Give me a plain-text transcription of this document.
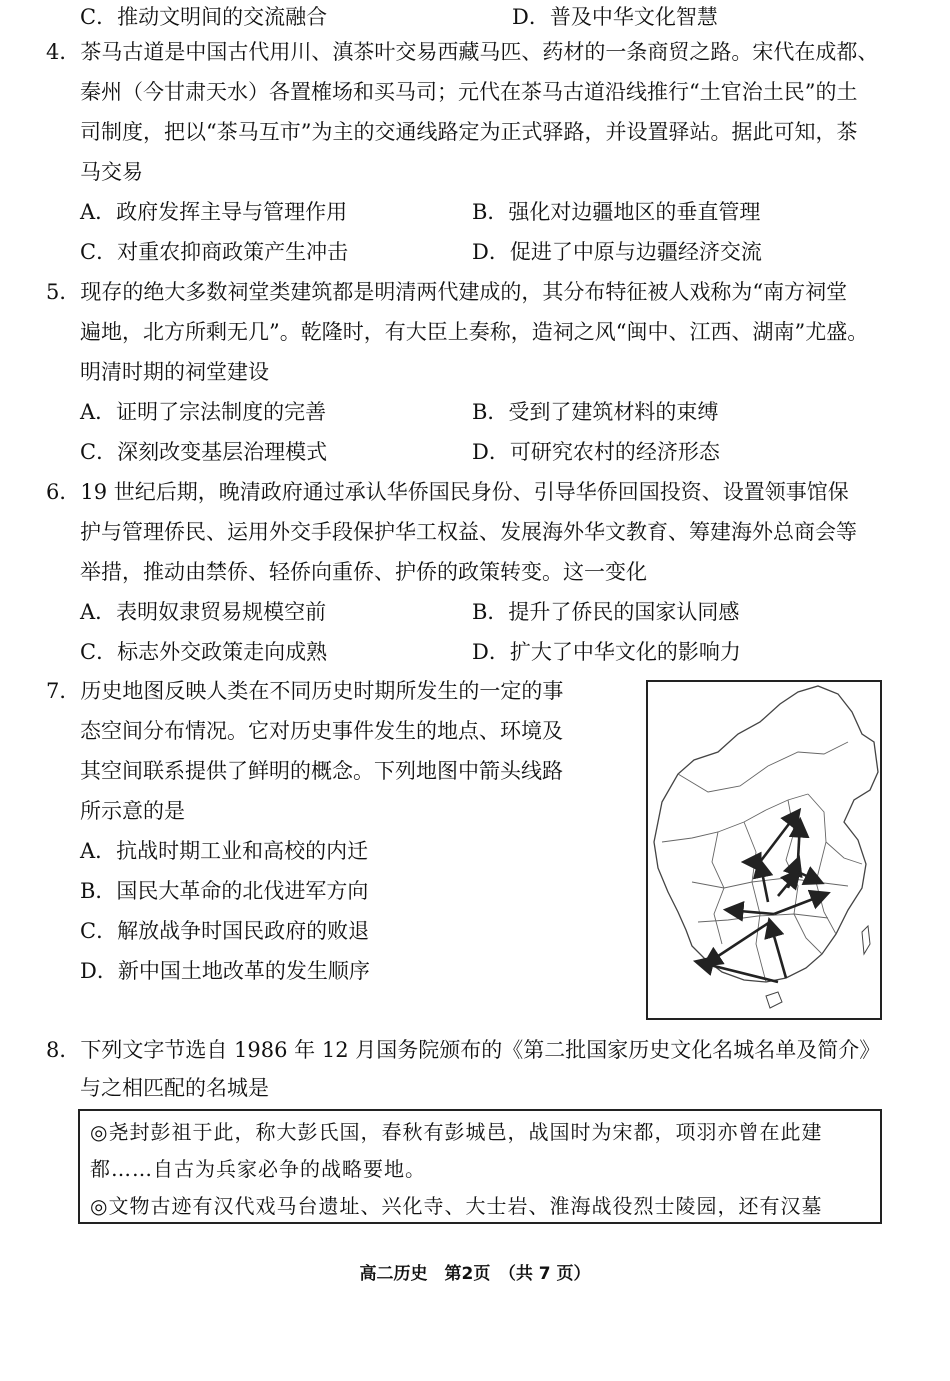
C．推动文明间的交流融合	D．普及中华文化智慧
4．茶马古道是中国古代用川、滇茶叶交易西藏马匹、药材的一条商贸之路。宋代在成都、
秦州（今甘肃天水）各置榷场和买马司；元代在茶马古道沿线推行“土官治土民”的土
司制度，把以“茶马互市”为主的交通线路定为正式驿路，并设置驿站。据此可知，茶
马交易
A．政府发挥主导与管理作用	B．强化对边疆地区的垂直管理
C．对重农抑商政策产生冲击	D．促进了中原与边疆经济交流
5．现存的绝大多数祠堂类建筑都是明清两代建成的，其分布特征被人戏称为“南方祠堂
遍地，北方所剩无几”。乾隆时，有大臣上奏称，造祠之风“闽中、江西、湖南”尤盛。
明清时期的祠堂建设
A．证明了宗法制度的完善	B．受到了建筑材料的束缚
C．深刻改变基层治理模式	D．可研究农村的经济形态
6．19 世纪后期，晚清政府通过承认华侨国民身份、引导华侨回国投资、设置领事馆保
护与管理侨民、运用外交手段保护华工权益、发展海外华文教育、筹建海外总商会等
举措，推动由禁侨、轻侨向重侨、护侨的政策转变。这一变化
A．表明奴隶贸易规模空前	B．提升了侨民的国家认同感
C．标志外交政策走向成熟	D．扩大了中华文化的影响力
7．历史地图反映人类在不同历史时期所发生的一定的事
态空间分布情况。它对历史事件发生的地点、环境及
其空间联系提供了鲜明的概念。下列地图中箭头线路
所示意的是
A．抗战时期工业和高校的内迁
B．国民大革命的北伐进军方向
C．解放战争时国民政府的败退
D．新中国土地改革的发生顺序
8．下列文字节选自 1986 年 12 月国务院颁布的《第二批国家历史文化名城名单及简介》
与之相匹配的名城是
◎尧封彭祖于此，称大彭氏国，春秋有彭城邑，战国时为宋都，项羽亦曾在此建
都……自古为兵家必争的战略要地。
◎文物古迹有汉代戏马台遗址、兴化寺、大士岩、淮海战役烈士陵园，还有汉墓
高二历史　第2页　（共 7 页）
